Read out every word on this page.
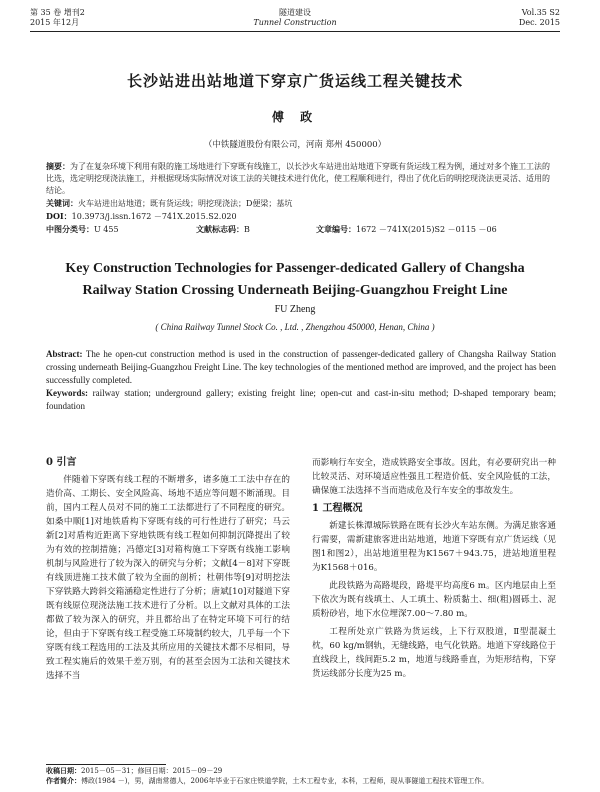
第 35 卷 增刊2
2015 年12月
隧道建设
Tunnel Construction
Vol.35 S2
Dec. 2015
长沙站进出站地道下穿京广货运线工程关键技术
傅 政
（中铁隧道股份有限公司，河南 郑州 450000）
摘要：为了在复杂环境下利用有限的施工场地进行下穿既有线施工，以长沙火车站进出站地道下穿既有货运线工程为例，通过对多个施工工法的比选，选定明挖现浇法施工，并根据现场实际情况对该工法的关键技术进行优化，使工程顺利进行，得出了优化后的明挖现浇法更灵活、适用的结论。
关键词：火车站进出站地道；既有货运线；明挖现浇法；D便梁；基坑
DOI：10.3973/j.issn.1672 －741X.2015.S2.020
中图分类号：U 455	文献标志码：B	文章编号：1672 －741X(2015)S2 －0115 －06
Key Construction Technologies for Passenger-dedicated Gallery of Changsha
Railway Station Crossing Underneath Beijing-Guangzhou Freight Line
FU Zheng
( China Railway Tunnel Stock Co. , Ltd. , Zhengzhou 450000, Henan, China )
Abstract: The he open-cut construction method is used in the construction of passenger-dedicated gallery of Changsha Railway Station crossing underneath Beijing-Guangzhou Freight Line. The key technologies of the mentioned method are improved, and the project has been successfully completed.
Keywords: railway station; underground gallery; existing freight line; open-cut and cast-in-situ method; D-shaped temporary beam; foundation
0 引言

伴随着下穿既有线工程的不断增多，诸多施工工法中存在的造价高、工期长、安全风险高、场地不适应等问题不断涌现。目前，国内工程人员对不同的施工工法都进行了不同程度的研究。如桑中顺[1]对地铁盾构下穿既有线的可行性进行了研究；马云新[2]对盾构近距离下穿地铁既有线工程如何抑制沉降提出了较为有效的控制措施；冯德定[3]对箱构施工下穿既有线施工影响机制与风险进行了较为深入的研究与分析；文献[4－8]对下穿既有线顶进施工技术做了较为全面的剖析；杜朝伟等[9]对明挖法下穿铁路大跨斜交箱涵稳定性进行了分析；唐斌[10]对隧道下穿既有线原位现浇法施工技术进行了分析。以上文献对具体的工法都做了较为深入的研究，并且都给出了在特定环境下可行的结论，但由于下穿既有线工程受施工环境制约较大，几乎每一个下穿既有线工程选用的工法及其所应用的关键技术都不尽相同，导致工程实施后的效果千差万别，有的甚至会因为工法和关键技术选择不当

而影响行车安全，造成铁路安全事故。因此，有必要研究出一种比较灵活、对环境适应性强且工程造价低、安全风险低的工法，确保施工法选择不当而造成危及行车安全的事故发生。

1 工程概况

新建长株潭城际铁路在既有长沙火车站东侧。为满足旅客通行需要，需新建旅客进出站地道，地道下穿既有京广货运线（见图1和图2），出站地道里程为K1567＋943.75，进站地道里程为K1568＋016。

此段铁路为高路堤段，路堤平均高度6 m。区内地层由上至下依次为既有线填土、人工填土、粉质黏土、细(粗)圆砾土、泥质粉砂岩，地下水位埋深7.00～7.80 m。

工程所处京广铁路为货运线，上下行双股道，Ⅱ型混凝土枕，60 kg/m钢轨，无缝线路，电气化铁路。地道下穿线路位于直线段上，线间距5.2 m，地道与线路垂直，为矩形结构，下穿货运线部分长度为25 m。

收稿日期：2015－05－31；修回日期：2015－09－29
作者简介：傅政(1984 －)，男，湖南常德人，2006年毕业于石家庄铁道学院，土木工程专业，本科，工程师，现从事隧道工程技术管理工作。
